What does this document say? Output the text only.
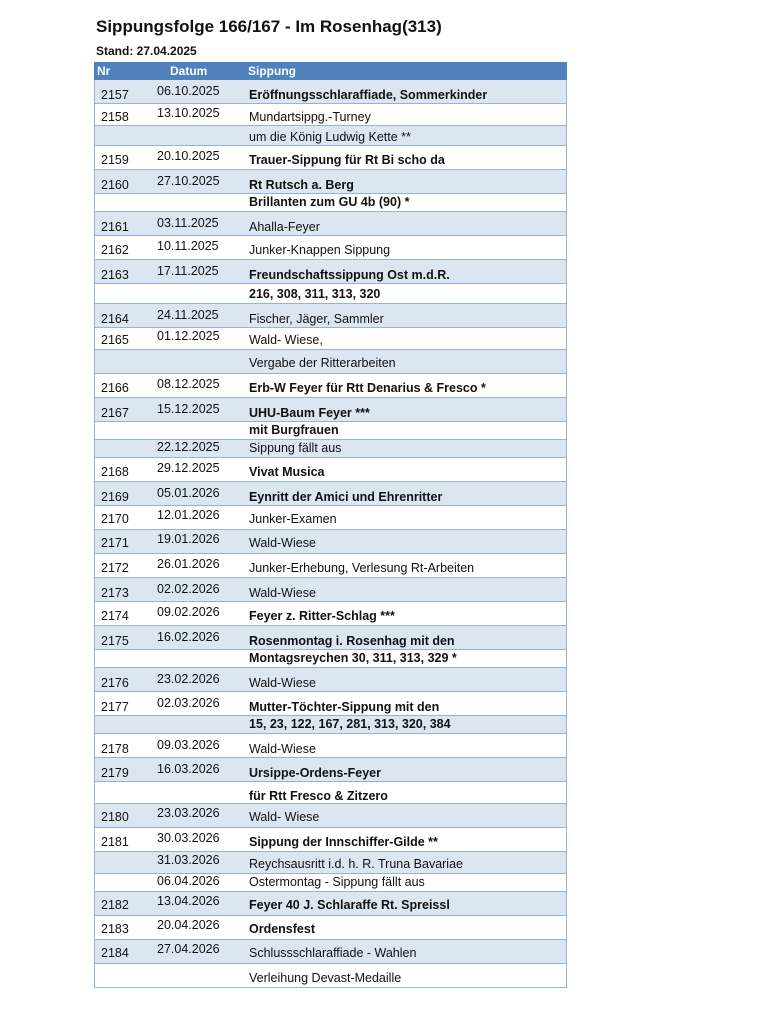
Sippungsfolge 166/167 - Im Rosenhag(313)
Stand: 27.04.2025
Nr	Datum	Sippung
2157 06.10.2025 Eröffnungsschlaraffiade, Sommerkinder
2158 13.10.2025 Mundartsippg.-Turney
um die König Ludwig Kette **
2159 20.10.2025 Trauer-Sippung für Rt Bi scho da
2160 27.10.2025 Rt Rutsch a. Berg
Brillanten zum GU 4b (90) *
2161 03.11.2025 Ahalla-Feyer
2162 10.11.2025 Junker-Knappen Sippung
2163 17.11.2025 Freundschaftssippung Ost m.d.R.
216, 308, 311, 313, 320
2164 24.11.2025 Fischer, Jäger, Sammler
2165 01.12.2025 Wald- Wiese,
Vergabe der Ritterarbeiten
2166 08.12.2025 Erb-W Feyer für Rtt Denarius & Fresco *
2167 15.12.2025 UHU-Baum Feyer ***
mit Burgfrauen
22.12.2025 Sippung fällt aus
2168 29.12.2025 Vivat Musica
2169 05.01.2026 Eynritt der Amici und Ehrenritter
2170 12.01.2026 Junker-Examen
2171 19.01.2026 Wald-Wiese
2172 26.01.2026 Junker-Erhebung, Verlesung Rt-Arbeiten
2173 02.02.2026 Wald-Wiese
2174 09.02.2026 Feyer z. Ritter-Schlag ***
2175 16.02.2026 Rosenmontag i. Rosenhag mit den
Montagsreychen 30, 311, 313, 329 *
2176 23.02.2026 Wald-Wiese
2177 02.03.2026 Mutter-Töchter-Sippung mit den
15, 23, 122, 167, 281, 313, 320, 384
2178 09.03.2026 Wald-Wiese
2179 16.03.2026 Ursippe-Ordens-Feyer
für Rtt Fresco & Zitzero
2180 23.03.2026 Wald- Wiese
2181 30.03.2026 Sippung der Innschiffer-Gilde **
31.03.2026 Reychsausritt i.d. h. R. Truna Bavariae
06.04.2026 Ostermontag - Sippung fällt aus
2182 13.04.2026 Feyer 40 J. Schlaraffe Rt. Spreissl
2183 20.04.2026 Ordensfest
2184 27.04.2026 Schlussschlaraffiade - Wahlen
Verleihung Devast-Medaille
